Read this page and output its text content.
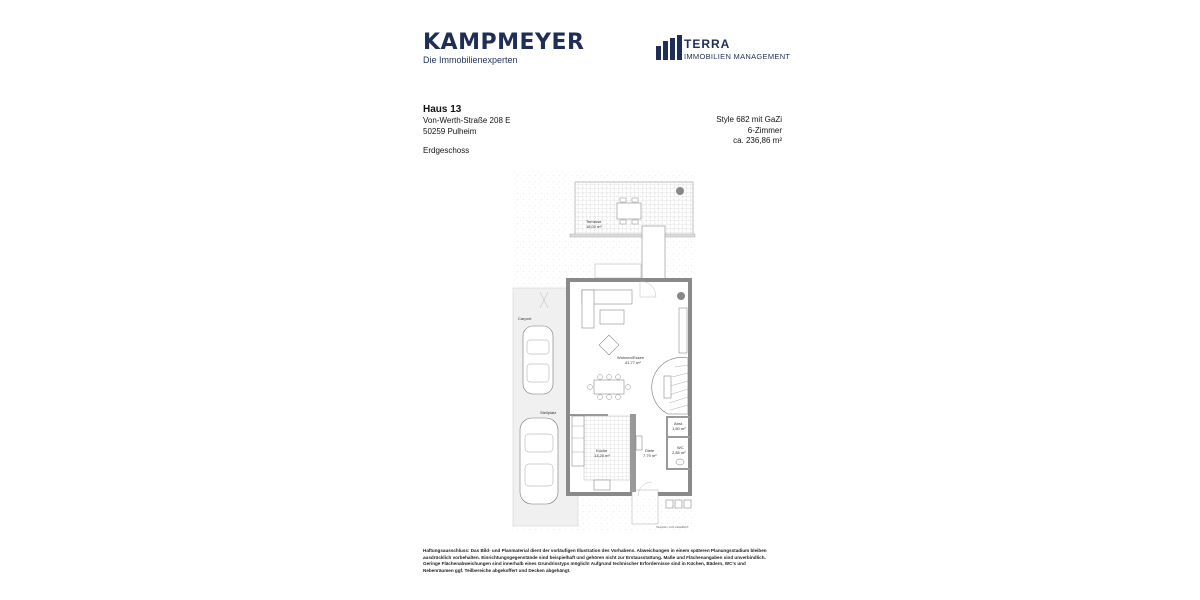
KAMPMEYER
Die Immobilienexperten
TERRA
IMMOBILIEN MANAGEMENT
Haus 13
Von-Werth-Straße 208 E
50259 Pulheim
Style 682 mit GaZi
6-Zimmer
ca. 236,86 m²
Erdgeschoss
Terrasse
18,00 m²
Wohnen/Essen
41,77 m²
Küche
13,20 m²
Diele
7,79 m²
Abst.
1,80 m²
WC
2,85 m²
Carport
Stellplatz
Hauptplan, nicht maßstäblich
Haftungsausschluss: Das Bild- und Planmaterial dient der vorläufigen Illustration des Vorhabens. Abweichungen in einem späteren Planungsstadium bleiben ausdrücklich vorbehalten. Einrichtungsgegenstände sind beispielhaft und gehören nicht zur Erstausstattung. Maße und Flächenangaben sind unverbindlich. Geringe Flächenabweichungen sind innerhalb eines Grundrisstyps möglich! Aufgrund technischer Erfordernisse sind in Küchen, Bädern, WC's und Nebenräumen ggf. Teilbereiche abgekoffert und Decken abgehängt.
